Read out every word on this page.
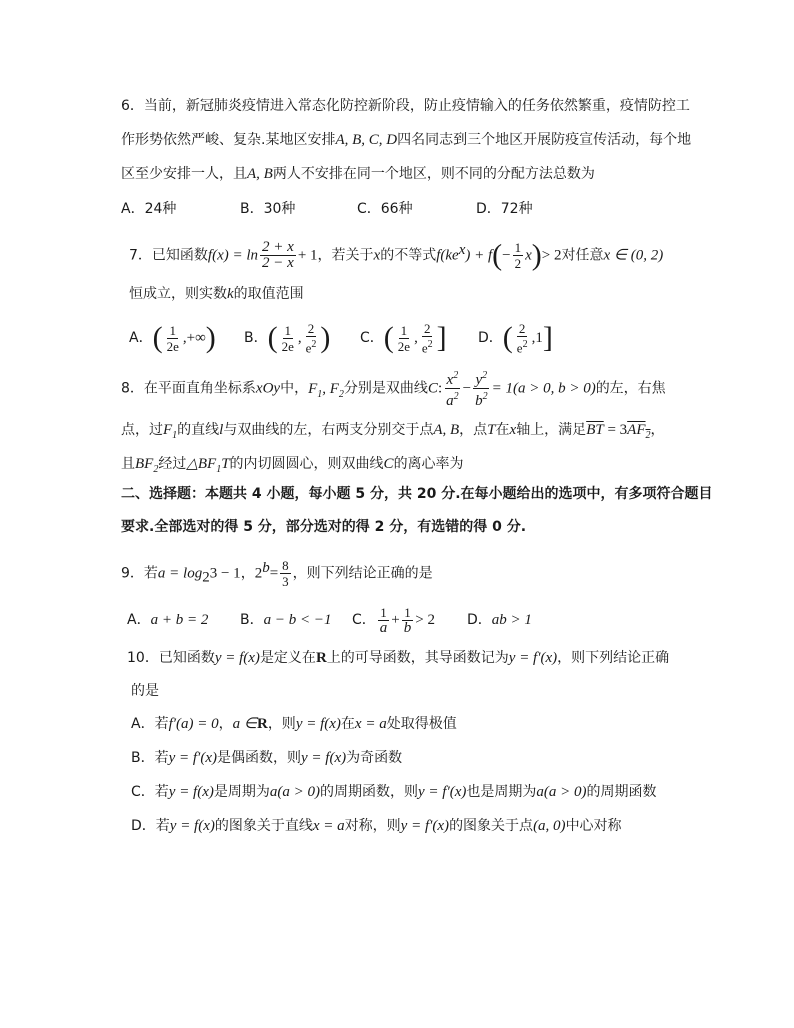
6．当前，新冠肺炎疫情进入常态化防控新阶段，防止疫情输入的任务依然繁重，疫情防控工
作形势依然严峻、复杂.某地区安排A, B, C, D四名同志到三个地区开展防疫宣传活动，每个地
区至少安排一人，且A, B两人不安排在同一个地区，则不同的分配方法总数为
A．24种	B．30种	C．66种	D．72种
7．已知函数$f(x) = \ln \frac{2 + x}{2 - x} + 1$，若关于x的不等式$f(ke^x) + f(- \frac{1}{2} x)> 2$对任意x ∈ (0, 2)
恒成立，则实数k的取值范围
A．( $\frac{1}{2e}$ ,+∞) B．( $\frac{1}{2e}$ , $\frac{2}{e^2}$ ) C．( $\frac{1}{2e}$ , $\frac{2}{e^2}$ ] D．( $\frac{2}{e^2} ,1$]
8．在平面直角坐标系xOy中，$F_1$, $F_2$分别是双曲线C: $\frac{x^2}{a^2} - \frac{y^2}{b^2} = 1(a > 0$, b > 0)的左，右焦
点，过$F_1$的直线l与双曲线的左，右两支分别交于点A, B，点T在x轴上，满足$\overline{BT} = 3AF_2$，
且$BF_2$经过$\triangle BF_1T$的内切圆圆心，则双曲线C的离心率为
二、选择题：本题共 4 小题，每小题 5 分，共 20 分.在每小题给出的选项中，有多项符合题目
要求.全部选对的得 5 分，部分选对的得 2 分，有选错的得 0 分.
9．若$a = \log_23 - 1$，$2^b= \frac{8}{3}$ ，则下列结论正确的是
A．a + b = 2 B．a − b < −1 C． $\frac{1}{a} + \frac{1}{b} > 2$ D．ab > 1
10．已知函数y = f(x)是定义在R上的可导函数，其导函数记为y = f′(x)，则下列结论正确
的是
A．若f′(a) = 0，a ∈R，则y = f(x)在x = a处取得极值
B．若y = f′(x)是偶函数，则y = f(x)为奇函数
C．若y = f(x)是周期为a(a > 0)的周期函数，则y = f′(x)也是周期为a(a > 0)的周期函数
D．若y = f(x)的图象关于直线x = a对称，则y = f′(x)的图象关于点(a, 0)中心对称
